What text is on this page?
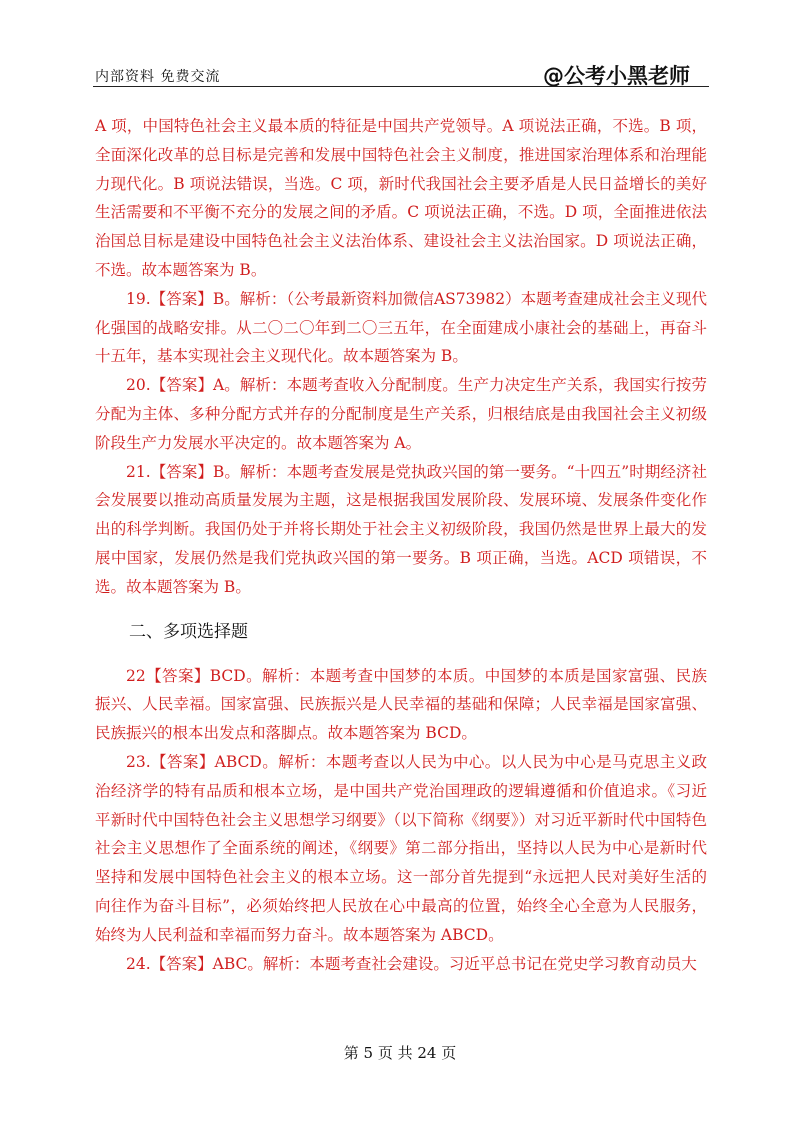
内部资料 免费交流	@公考小黑老师

A 项，中国特色社会主义最本质的特征是中国共产党领导。A 项说法正确，不选。B 项，全面深化改革的总目标是完善和发展中国特色社会主义制度，推进国家治理体系和治理能力现代化。B 项说法错误，当选。C 项，新时代我国社会主要矛盾是人民日益增长的美好生活需要和不平衡不充分的发展之间的矛盾。C 项说法正确，不选。D 项，全面推进依法治国总目标是建设中国特色社会主义法治体系、建设社会主义法治国家。D 项说法正确，不选。故本题答案为 B。

19.【答案】B。解析：（公考最新资料加微信AS73982）本题考查建成社会主义现代化强国的战略安排。从二〇二〇年到二〇三五年，在全面建成小康社会的基础上，再奋斗十五年，基本实现社会主义现代化。故本题答案为 B。

20.【答案】A。解析：本题考查收入分配制度。生产力决定生产关系，我国实行按劳分配为主体、多种分配方式并存的分配制度是生产关系，归根结底是由我国社会主义初级阶段生产力发展水平决定的。故本题答案为 A。

21.【答案】B。解析：本题考查发展是党执政兴国的第一要务。“十四五”时期经济社会发展要以推动高质量发展为主题，这是根据我国发展阶段、发展环境、发展条件变化作出的科学判断。我国仍处于并将长期处于社会主义初级阶段，我国仍然是世界上最大的发展中国家，发展仍然是我们党执政兴国的第一要务。B 项正确，当选。ACD 项错误，不选。故本题答案为 B。

二、多项选择题

22【答案】BCD。解析：本题考查中国梦的本质。中国梦的本质是国家富强、民族振兴、人民幸福。国家富强、民族振兴是人民幸福的基础和保障；人民幸福是国家富强、民族振兴的根本出发点和落脚点。故本题答案为 BCD。

23.【答案】ABCD。解析：本题考查以人民为中心。以人民为中心是马克思主义政治经济学的特有品质和根本立场，是中国共产党治国理政的逻辑遵循和价值追求。《习近平新时代中国特色社会主义思想学习纲要》（以下简称《纲要》）对习近平新时代中国特色社会主义思想作了全面系统的阐述，《纲要》第二部分指出，坚持以人民为中心是新时代坚持和发展中国特色社会主义的根本立场。这一部分首先提到“永远把人民对美好生活的向往作为奋斗目标”，必须始终把人民放在心中最高的位置，始终全心全意为人民服务，始终为人民利益和幸福而努力奋斗。故本题答案为 ABCD。

24.【答案】ABC。解析：本题考查社会建设。习近平总书记在党史学习教育动员大

第 5 页 共 24 页
